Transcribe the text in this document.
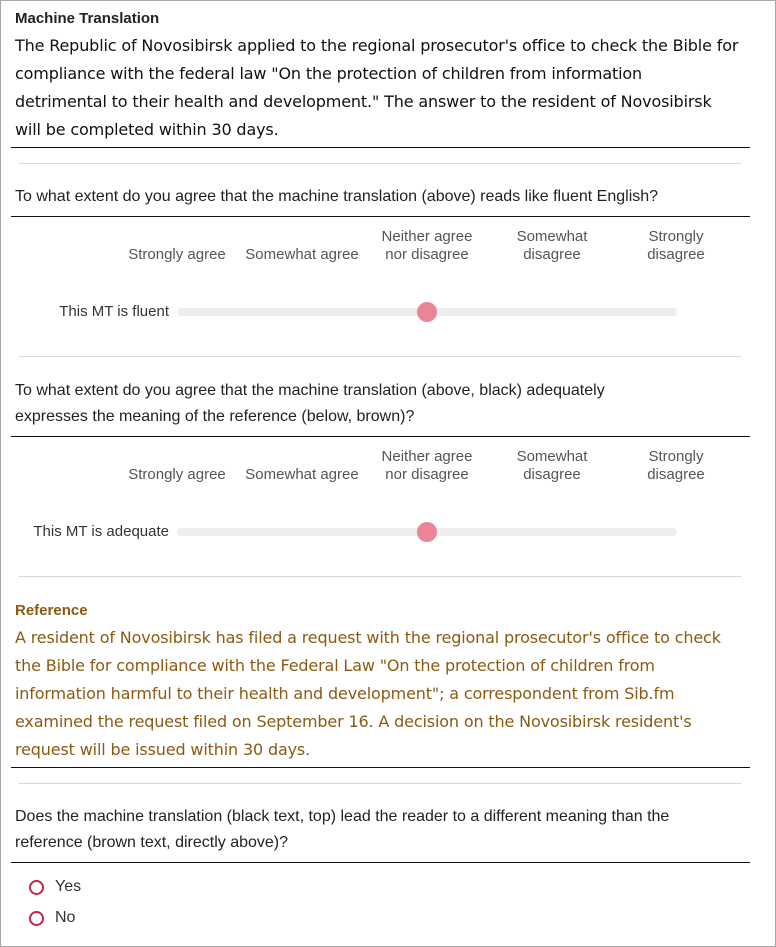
Machine Translation
The Republic of Novosibirsk applied to the regional prosecutor's office to check the Bible for
compliance with the federal law "On the protection of children from information
detrimental to their health and development." The answer to the resident of Novosibirsk
will be completed within 30 days.
To what extent do you agree that the machine translation (above) reads like fluent English?
Strongly agree	Somewhat agree
Neither agree
nor disagree
Somewhat
disagree
Strongly
disagree
This MT is fluent
To what extent do you agree that the machine translation (above, black) adequately
expresses the meaning of the reference (below, brown)?
Strongly agree	Somewhat agree
Neither agree
nor disagree
Somewhat
disagree
Strongly
disagree
This MT is adequate
Reference
A resident of Novosibirsk has filed a request with the regional prosecutor's office to check
the Bible for compliance with the Federal Law "On the protection of children from
information harmful to their health and development"; a correspondent from Sib.fm
examined the request filed on September 16. A decision on the Novosibirsk resident's
request will be issued within 30 days.
Does the machine translation (black text, top) lead the reader to a different meaning than the
reference (brown text, directly above)?
Yes
No
